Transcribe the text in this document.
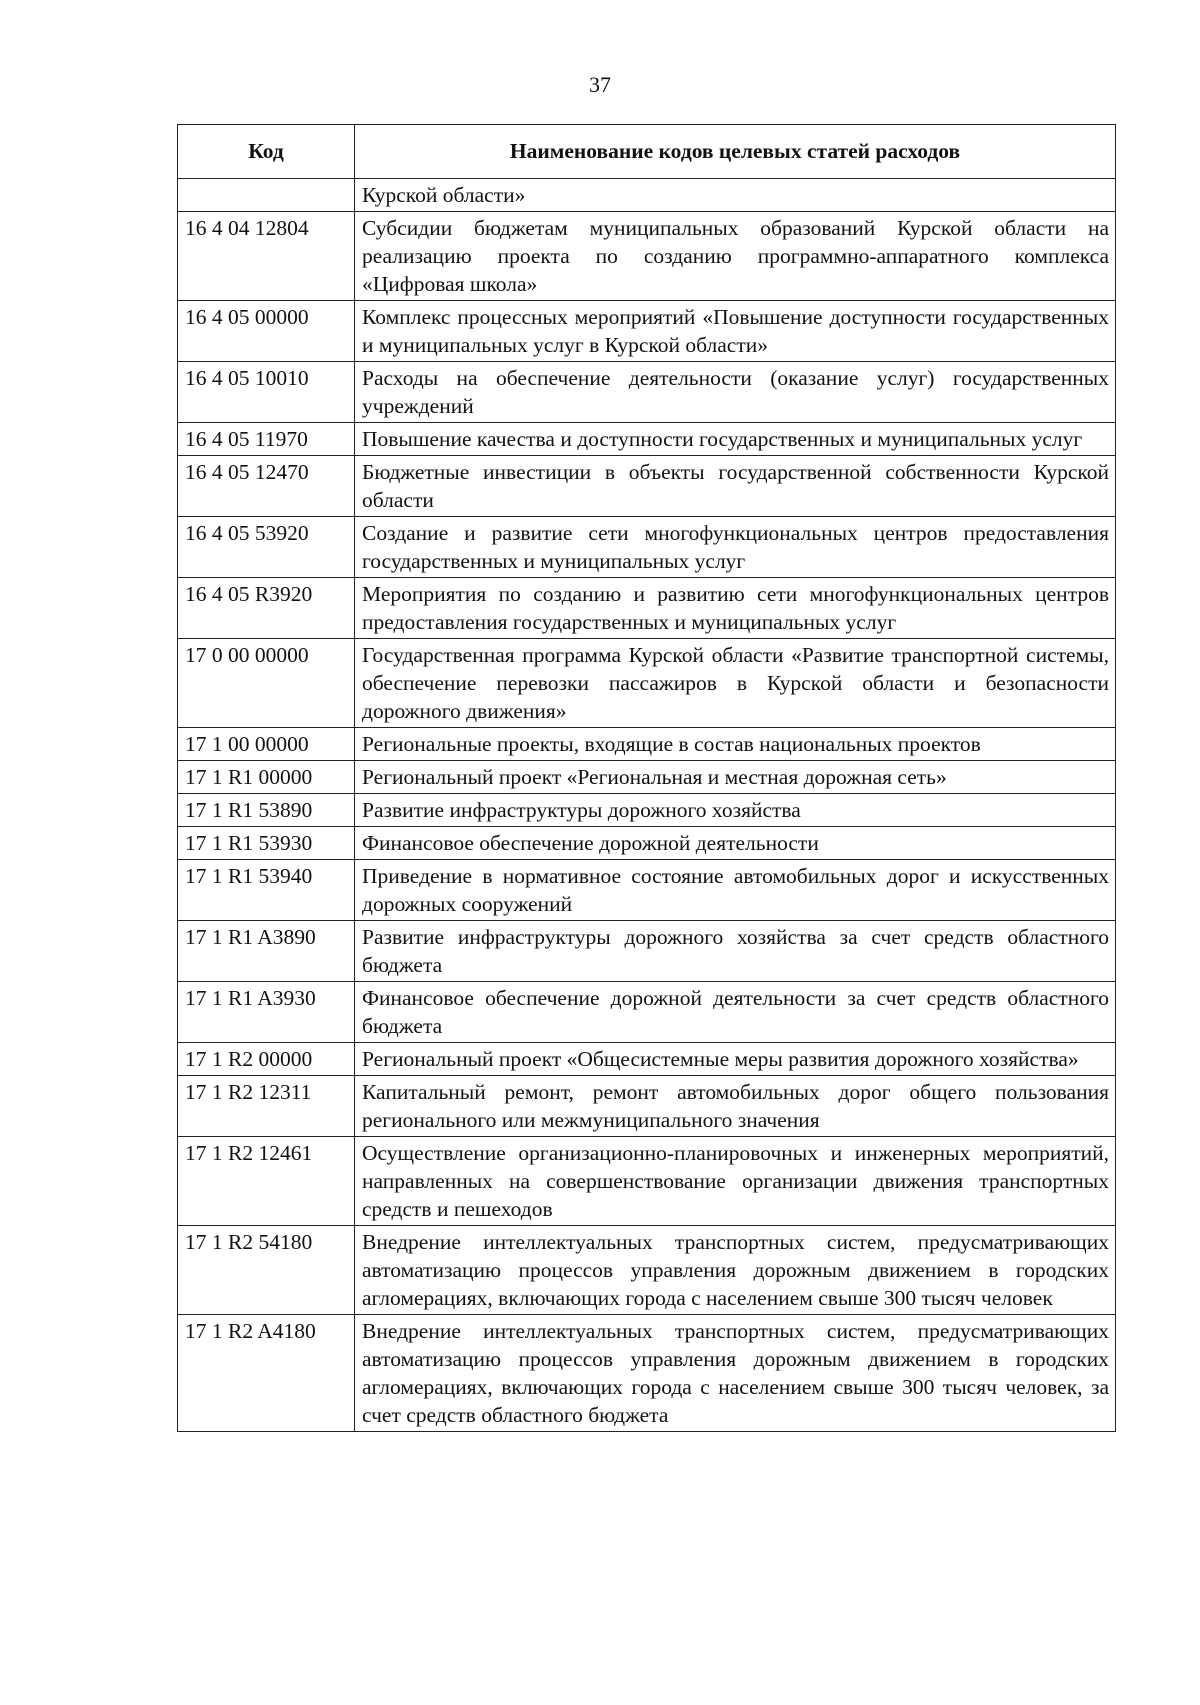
37
Код	Наименование кодов целевых статей расходов
	Курской области»
16 4 04 12804	Субсидии бюджетам муниципальных образований Курской области на реализацию проекта по созданию программно-аппаратного комплекса «Цифровая школа»
16 4 05 00000	Комплекс процессных мероприятий «Повышение доступности государственных и муниципальных услуг в Курской области»
16 4 05 10010	Расходы на обеспечение деятельности (оказание услуг) государственных учреждений
16 4 05 11970	Повышение качества и доступности государственных и муниципальных услуг
16 4 05 12470	Бюджетные инвестиции в объекты государственной собственности Курской области
16 4 05 53920	Создание и развитие сети многофункциональных центров предоставления государственных и муниципальных услуг
16 4 05 R3920	Мероприятия по созданию и развитию сети многофункциональных центров предоставления государственных и муниципальных услуг
17 0 00 00000	Государственная программа Курской области «Развитие транспортной системы, обеспечение перевозки пассажиров в Курской области и безопасности дорожного движения»
17 1 00 00000	Региональные проекты, входящие в состав национальных проектов
17 1 R1 00000	Региональный проект «Региональная и местная дорожная сеть»
17 1 R1 53890	Развитие инфраструктуры дорожного хозяйства
17 1 R1 53930	Финансовое обеспечение дорожной деятельности
17 1 R1 53940	Приведение в нормативное состояние автомобильных дорог и искусственных дорожных сооружений
17 1 R1 A3890	Развитие инфраструктуры дорожного хозяйства за счет средств областного бюджета
17 1 R1 A3930	Финансовое обеспечение дорожной деятельности за счет средств областного бюджета
17 1 R2 00000	Региональный проект «Общесистемные меры развития дорожного хозяйства»
17 1 R2 12311	Капитальный ремонт, ремонт автомобильных дорог общего пользования регионального или межмуниципального значения
17 1 R2 12461	Осуществление организационно-планировочных и инженерных мероприятий, направленных на совершенствование организации движения транспортных средств и пешеходов
17 1 R2 54180	Внедрение интеллектуальных транспортных систем, предусматривающих автоматизацию процессов управления дорожным движением в городских агломерациях, включающих города с населением свыше 300 тысяч человек
17 1 R2 A4180	Внедрение интеллектуальных транспортных систем, предусматривающих автоматизацию процессов управления дорожным движением в городских агломерациях, включающих города с населением свыше 300 тысяч человек, за счет средств областного бюджета
